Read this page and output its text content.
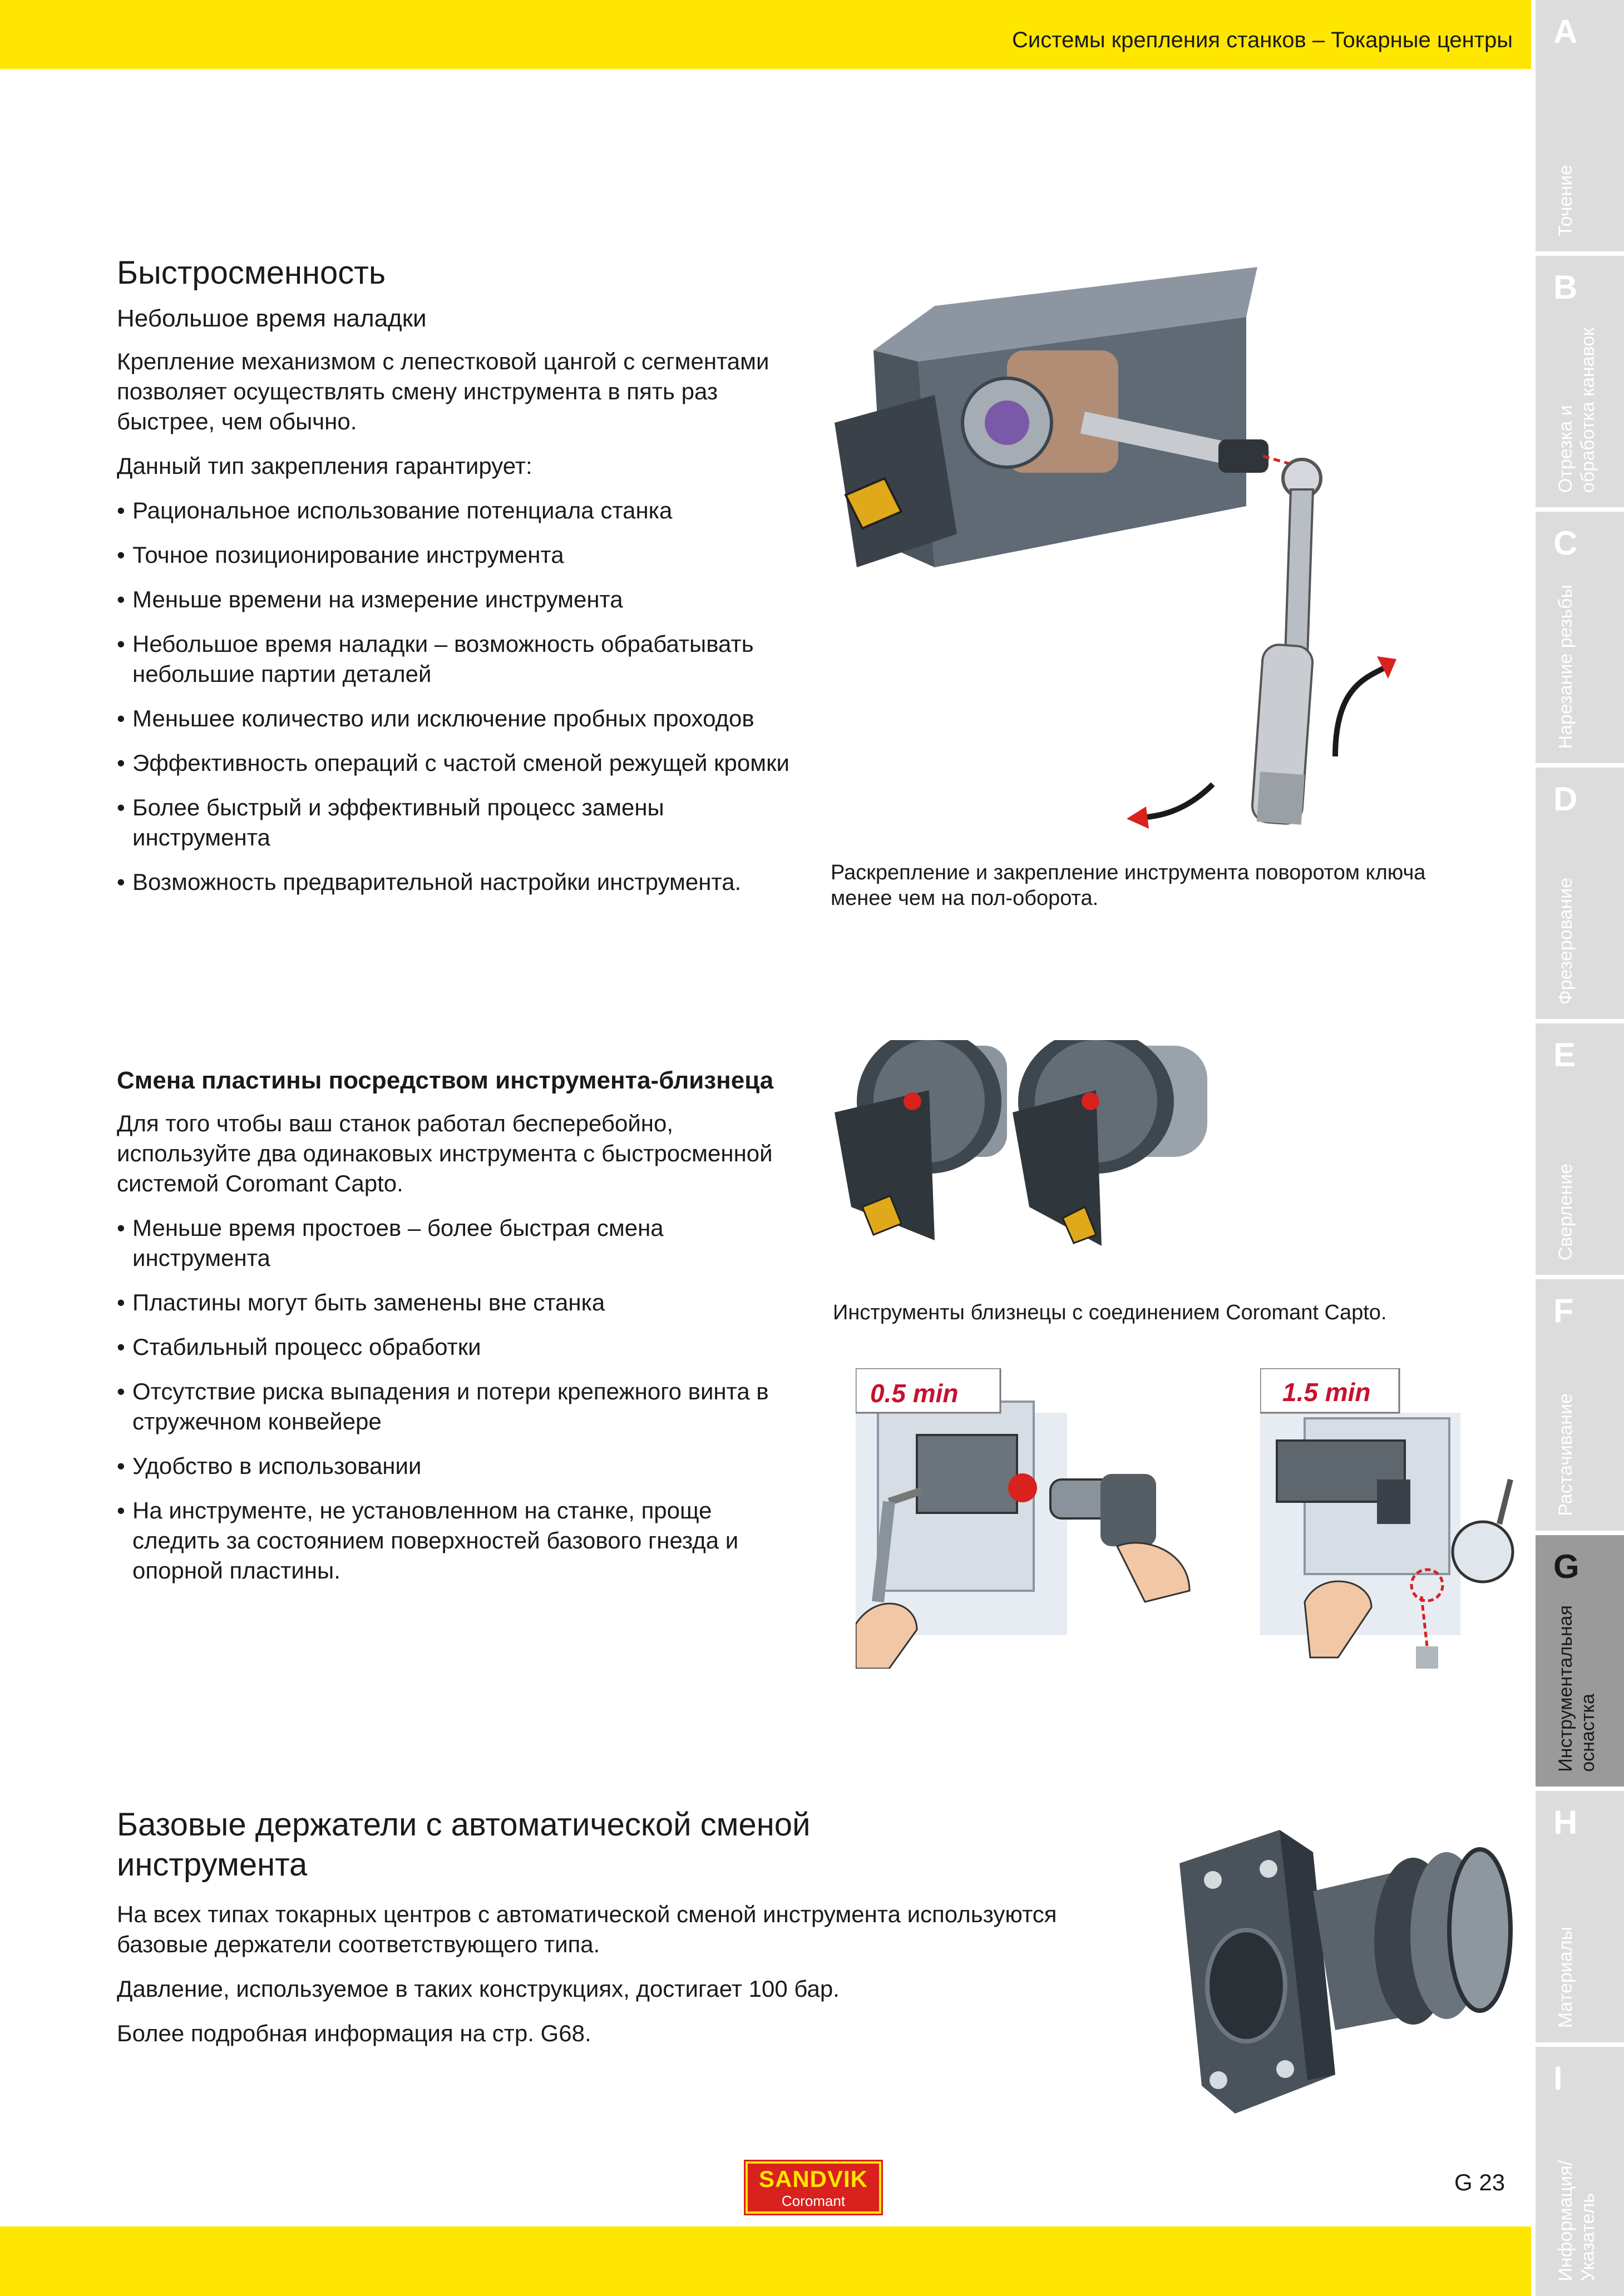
Системы крепления станков – Токарные центры A
Точение
B
Отрезка и
обработка канавок
C
Нарезание резьбы
D
Фрезерование
E
Сверление
F
Растачивание
G
Инструментальная
оснастка
H
Материалы
I
Информация/
Указатель
Быстросменность
Небольшое время наладки

Крепление механизмом с лепестковой цангой с сегментами позволяет осуществлять смену инструмента в пять раз быстрее, чем обычно.

Данный тип закрепления гарантирует:

• Рациональное использование потенциала станка
• Точное позиционирование инструмента
• Меньше времени на измерение инструмента
• Небольшое время наладки – возможность обрабатывать небольшие партии деталей
• Меньшее количество или исключение пробных проходов
• Эффективность операций с частой сменой режущей кромки
• Более быстрый и эффективный процесс замены инструмента
• Возможность предварительной настройки инструмента.	Раскрепление и закрепление инструмента поворотом ключа менее чем на пол-оборота.
Смена пластины посредством инструмента-близнеца

Для того чтобы ваш станок работал бесперебойно, используйте два одинаковых инструмента с быстросменной системой Coromant Capto.

• Меньше время простоев – более быстрая смена инструмента
• Пластины могут быть заменены вне станка
• Стабильный процесс обработки
• Отсутствие риска выпадения и потери крепежного винта в стружечном конвейере
• Удобство в использовании
• На инструменте, не установленном на станке, проще следить за состоянием поверхностей базового гнезда и опорной пластины.
Инструменты близнецы с соединением Coromant Capto.
0.5 min	1.5 min
Базовые держатели с автоматической сменой инструмента

На всех типах токарных центров с автоматической сменой инструмента используются базовые держатели соответствующего типа.

Давление, используемое в таких конструкциях, достигает 100 бар.

Более подробная информация на стр. G68.

SANDVIK
Coromant
G 23
